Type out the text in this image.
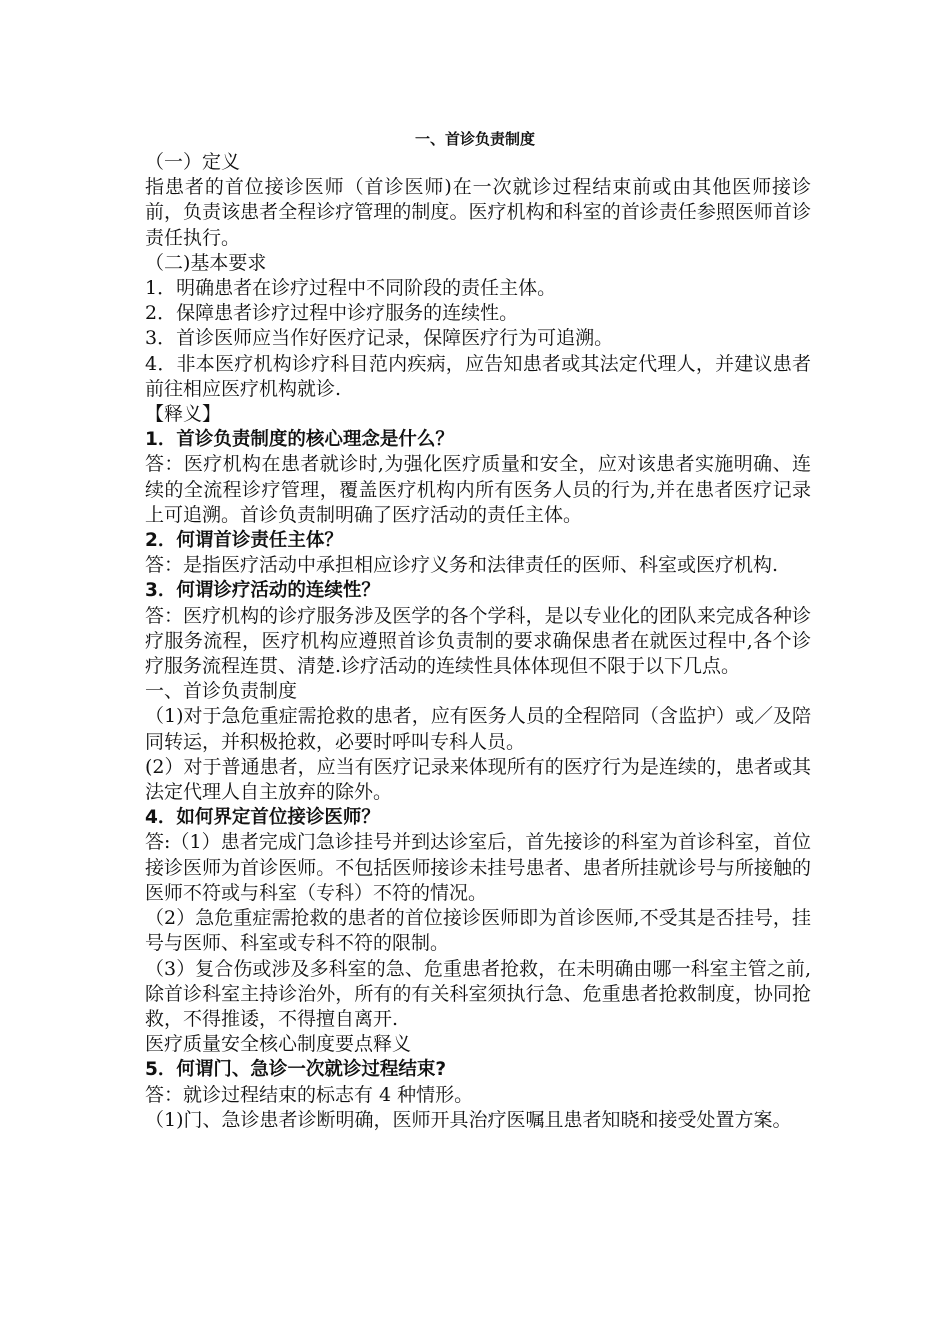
一、首诊负责制度

（一）定义

指患者的首位接诊医师（首诊医师)在一次就诊过程结束前或由其他医师接诊前，负责该患者全程诊疗管理的制度。医疗机构和科室的首诊责任参照医师首诊责任执行。

（二)基本要求

1．明确患者在诊疗过程中不同阶段的责任主体。

2．保障患者诊疗过程中诊疗服务的连续性。

3．首诊医师应当作好医疗记录，保障医疗行为可追溯。

4．非本医疗机构诊疗科目范内疾病，应告知患者或其法定代理人，并建议患者前往相应医疗机构就诊.

【释义】

1．首诊负责制度的核心理念是什么？

答：医疗机构在患者就诊时,为强化医疗质量和安全，应对该患者实施明确、连续的全流程诊疗管理，覆盖医疗机构内所有医务人员的行为,并在患者医疗记录上可追溯。首诊负责制明确了医疗活动的责任主体。

2．何谓首诊责任主体？

答：是指医疗活动中承担相应诊疗义务和法律责任的医师、科室或医疗机构.

3．何谓诊疗活动的连续性？

答：医疗机构的诊疗服务涉及医学的各个学科，是以专业化的团队来完成各种诊疗服务流程，医疗机构应遵照首诊负责制的要求确保患者在就医过程中,各个诊疗服务流程连贯、清楚.诊疗活动的连续性具体体现但不限于以下几点。

一、首诊负责制度

（1)对于急危重症需抢救的患者，应有医务人员的全程陪同（含监护）或／及陪同转运，并积极抢救，必要时呼叫专科人员。

(2）对于普通患者，应当有医疗记录来体现所有的医疗行为是连续的，患者或其法定代理人自主放弃的除外。

4．如何界定首位接诊医师？

答:（1）患者完成门急诊挂号并到达诊室后，首先接诊的科室为首诊科室，首位接诊医师为首诊医师。不包括医师接诊未挂号患者、患者所挂就诊号与所接触的医师不符或与科室（专科）不符的情况。

（2）急危重症需抢救的患者的首位接诊医师即为首诊医师,不受其是否挂号，挂号与医师、科室或专科不符的限制。

（3）复合伤或涉及多科室的急、危重患者抢救，在未明确由哪一科室主管之前,除首诊科室主持诊治外，所有的有关科室须执行急、危重患者抢救制度，协同抢救，不得推诿，不得擅自离开.

医疗质量安全核心制度要点释义

5．何谓门、急诊一次就诊过程结束?

答：就诊过程结束的标志有 4 种情形。

（1)门、急诊患者诊断明确，医师开具治疗医嘱且患者知晓和接受处置方案。
